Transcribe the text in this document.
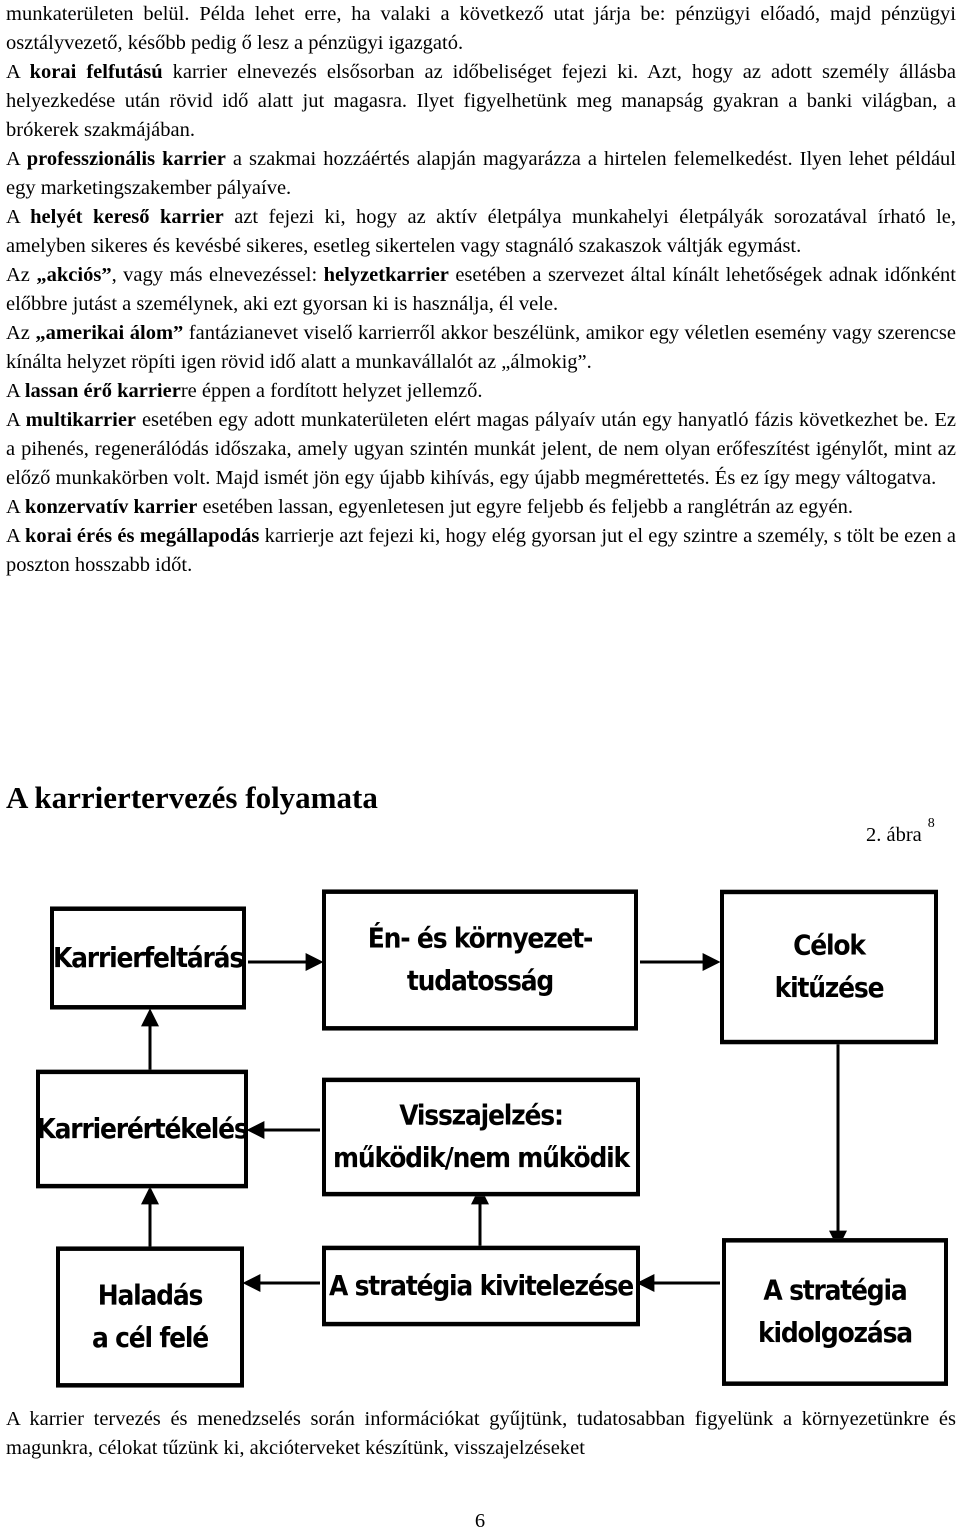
munkaterületen belül. Példa lehet erre, ha valaki a következő utat járja be: pénzügyi előadó, majd pénzügyi osztályvezető, később pedig ő lesz a pénzügyi igazgató.

A korai felfutású karrier elnevezés elsősorban az időbeliséget fejezi ki. Azt, hogy az adott személy állásba helyezkedése után rövid idő alatt jut magasra. Ilyet figyelhetünk meg manapság gyakran a banki világban, a brókerek szakmájában.

A professzionális karrier a szakmai hozzáértés alapján magyarázza a hirtelen felemelkedést. Ilyen lehet például egy marketingszakember pályaíve.

A helyét kereső karrier azt fejezi ki, hogy az aktív életpálya munkahelyi életpályák sorozatával írható le, amelyben sikeres és kevésbé sikeres, esetleg sikertelen vagy stagnáló szakaszok váltják egymást.

Az „akciós”, vagy más elnevezéssel: helyzetkarrier esetében a szervezet által kínált lehetőségek adnak időnként előbbre jutást a személynek, aki ezt gyorsan ki is használja, él vele.

Az „amerikai álom” fantázianevet viselő karrierről akkor beszélünk, amikor egy véletlen esemény vagy szerencse kínálta helyzet röpíti igen rövid idő alatt a munkavállalót az „álmokig”.

A lassan érő karrierre éppen a fordított helyzet jellemző.

A multikarrier esetében egy adott munkaterületen elért magas pályaív után egy hanyatló fázis következhet be. Ez a pihenés, regenerálódás időszaka, amely ugyan szintén munkát jelent, de nem olyan erőfeszítést igénylőt, mint az előző munkakörben volt. Majd ismét jön egy újabb kihívás, egy újabb megmérettetés. És ez így megy váltogatva.

A konzervatív karrier esetében lassan, egyenletesen jut egyre feljebb és feljebb a ranglétrán az egyén.

A korai érés és megállapodás karrierje azt fejezi ki, hogy elég gyorsan jut el egy szintre a személy, s tölt be ezen a poszton hosszabb időt.

A karriertervezés folyamata
2. ábra$^8$
Karrierfeltárás
Én- és környezet-
tudatosság
Célok
kitűzése
Karrierértékelés	Visszajelzés:
működik/nem működik
Haladás
a cél felé
A stratégia kivitelezése	A stratégia
kidolgozása

A karrier tervezés és menedzselés során információkat gyűjtünk, tudatosabban figyelünk a környezetünkre és magunkra, célokat tűzünk ki, akcióterveket készítünk, visszajelzéseket

6
